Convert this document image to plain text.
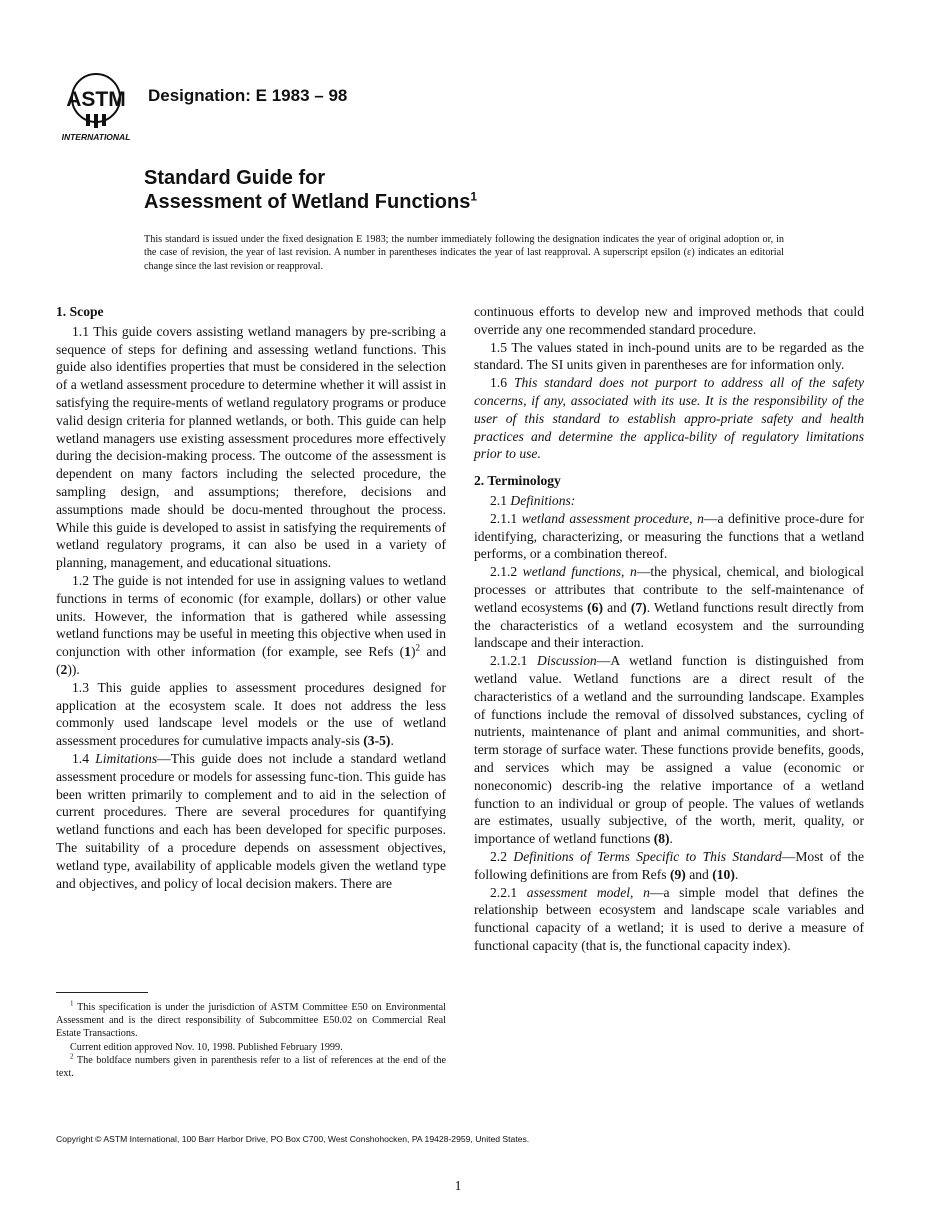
ASTM
INTERNATIONAL
Designation: E 1983 – 98
Standard Guide for
Assessment of Wetland Functions$^1$
This standard is issued under the fixed designation E 1983; the number immediately following the designation indicates the year of original adoption or, in the case of revision, the year of last revision. A number in parentheses indicates the year of last reapproval. A superscript epsilon (ε) indicates an editorial change since the last revision or reapproval.
1. Scope

1.1 This guide covers assisting wetland managers by pre-scribing a sequence of steps for defining and assessing wetland functions. This guide also identifies properties that must be considered in the selection of a wetland assessment procedure to determine whether it will assist in satisfying the require-ments of wetland regulatory programs or produce valid design criteria for planned wetlands, or both. This guide can help wetland managers use existing assessment procedures more effectively during the decision-making process. The outcome of the assessment is dependent on many factors including the selected procedure, the sampling design, and assumptions; therefore, decisions and assumptions made should be docu-mented throughout the process. While this guide is developed to assist in satisfying the requirements of wetland regulatory programs, it can also be used in a variety of planning, management, and educational situations.

1.2 The guide is not intended for use in assigning values to wetland functions in terms of economic (for example, dollars) or other value units. However, the information that is gathered while assessing wetland functions may be useful in meeting this objective when used in conjunction with other information (for example, see Refs $(1)^2$ and (2)).

1.3 This guide applies to assessment procedures designed for application at the ecosystem scale. It does not address the less commonly used landscape level models or the use of wetland assessment procedures for cumulative impacts analy-sis (3-5).

1.4 Limitations—This guide does not include a standard wetland assessment procedure or models for assessing func-tion. This guide has been written primarily to complement and to aid in the selection of current procedures. There are several procedures for quantifying wetland functions and each has been developed for specific purposes. The suitability of a procedure depends on assessment objectives, wetland type, availability of applicable models given the wetland type and objectives, and policy of local decision makers. There are

continuous efforts to develop new and improved methods that could override any one recommended standard procedure.

1.5 The values stated in inch-pound units are to be regarded as the standard. The SI units given in parentheses are for information only.

1.6 This standard does not purport to address all of the safety concerns, if any, associated with its use. It is the responsibility of the user of this standard to establish appro-priate safety and health practices and determine the applica-bility of regulatory limitations prior to use.

2. Terminology

2.1 Definitions:

2.1.1 wetland assessment procedure, n—a definitive proce-dure for identifying, characterizing, or measuring the functions that a wetland performs, or a combination thereof.

2.1.2 wetland functions, n—the physical, chemical, and biological processes or attributes that contribute to the self-maintenance of wetland ecosystems (6) and (7). Wetland functions result directly from the characteristics of a wetland ecosystem and the surrounding landscape and their interaction.

2.1.2.1 Discussion—A wetland function is distinguished from wetland value. Wetland functions are a direct result of the characteristics of a wetland and the surrounding landscape. Examples of functions include the removal of dissolved substances, cycling of nutrients, maintenance of plant and animal communities, and short-term storage of surface water. These functions provide benefits, goods, and services which may be assigned a value (economic or noneconomic) describ-ing the relative importance of a wetland function to an individual or group of people. The values of wetlands are estimates, usually subjective, of the worth, merit, quality, or importance of wetland functions (8).

2.2 Definitions of Terms Specific to This Standard—Most of the following definitions are from Refs (9) and (10).

2.2.1 assessment model, n—a simple model that defines the relationship between ecosystem and landscape scale variables and functional capacity of a wetland; it is used to derive a measure of functional capacity (that is, the functional capacity index).

$^1$ This specification is under the jurisdiction of ASTM Committee E50 on Environmental Assessment and is the direct responsibility of Subcommittee E50.02 on Commercial Real Estate Transactions.

Current edition approved Nov. 10, 1998. Published February 1999.

$^2$ The boldface numbers given in parenthesis refer to a list of references at the end of the text.

Copyright © ASTM International, 100 Barr Harbor Drive, PO Box C700, West Conshohocken, PA 19428-2959, United States.
1
